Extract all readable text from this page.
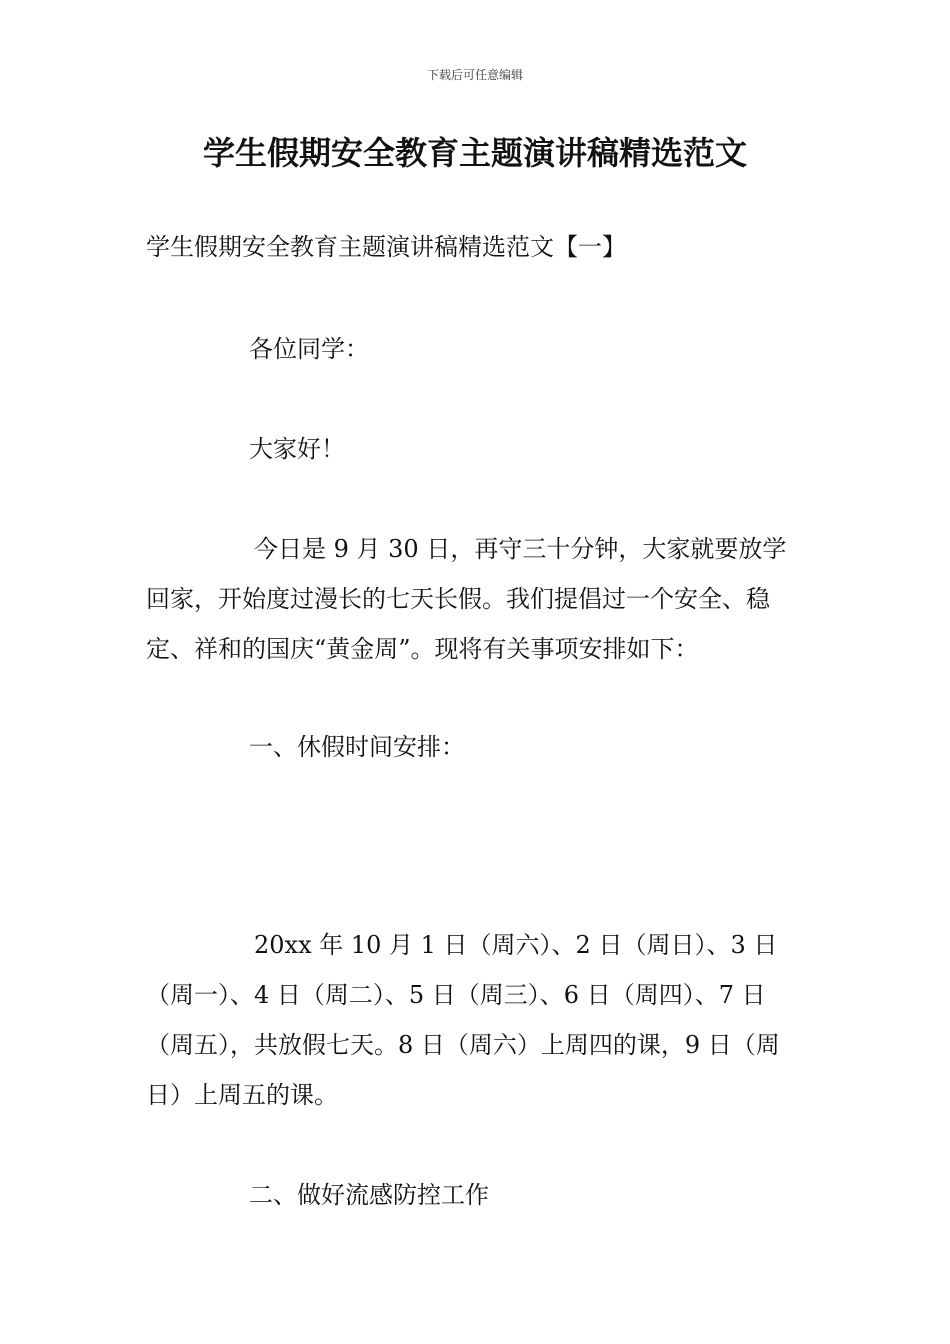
下载后可任意编辑
学生假期安全教育主题演讲稿精选范文

学生假期安全教育主题演讲稿精选范文【一】

各位同学：

大家好！

今日是 9 月 30 日，再守三十分钟，大家就要放学回家，开始度过漫长的七天长假。我们提倡过一个安全、稳定、祥和的国庆“黄金周”。现将有关事项安排如下：

一、休假时间安排：

20xx 年 10 月 1 日（周六）、2 日（周日）、3 日（周一）、4 日（周二）、5 日（周三）、6 日（周四）、7 日（周五），共放假七天。8 日（周六）上周四的课，9 日（周日）上周五的课。

二、做好流感防控工作
